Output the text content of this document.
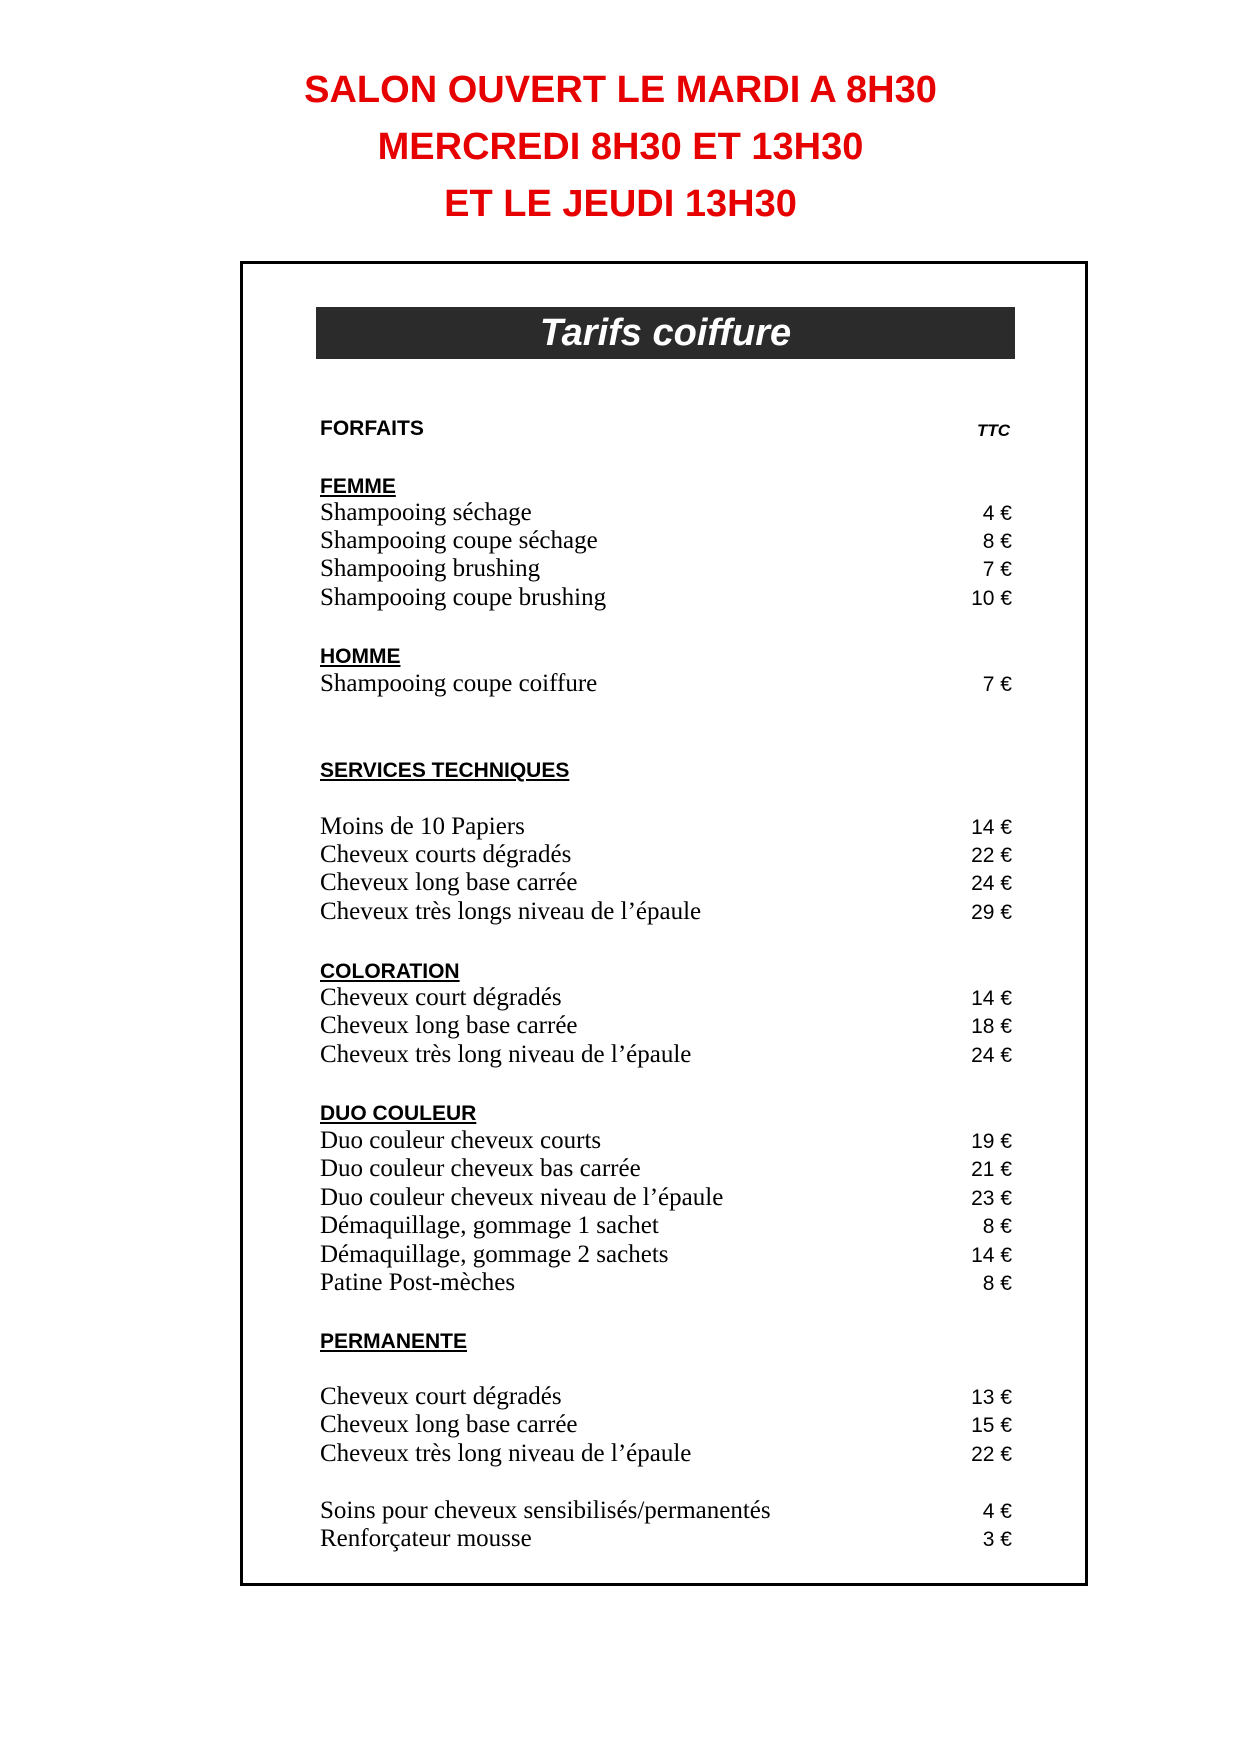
SALON OUVERT LE MARDI A 8H30
MERCREDI 8H30 ET 13H30
ET LE JEUDI 13H30
Tarifs coiffure
FORFAITS	TTC
FEMME
Shampooing séchage	4 €
Shampooing coupe séchage	8 €
Shampooing brushing	7 €
Shampooing coupe brushing	10 €
HOMME
Shampooing coupe coiffure	7 €
SERVICES TECHNIQUES
Moins de 10 Papiers	14 €
Cheveux courts dégradés	22 €
Cheveux long base carrée	24 €
Cheveux très longs niveau de l’épaule	29 €
COLORATION
Cheveux court dégradés	14 €
Cheveux long base carrée	18 €
Cheveux très long niveau de l’épaule	24 €
DUO COULEUR
Duo couleur cheveux courts	19 €
Duo couleur cheveux bas carrée	21 €
Duo couleur cheveux niveau de l’épaule	23 €
Démaquillage, gommage 1 sachet	8 €
Démaquillage, gommage 2 sachets	14 €
Patine Post-mèches	8 €
PERMANENTE
Cheveux court dégradés	13 €
Cheveux long base carrée	15 €
Cheveux très long niveau de l’épaule	22 €
Soins pour cheveux sensibilisés/permanentés	4 €
Renforçateur mousse	3 €
